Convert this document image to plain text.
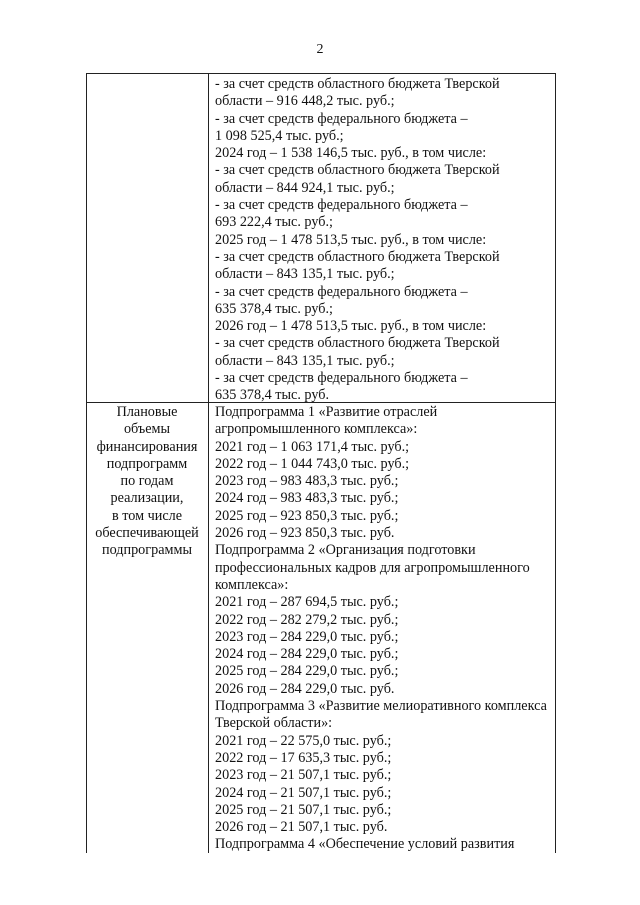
2
- за счет средств областного бюджета Тверской
области – 916 448,2 тыс. руб.;
- за счет средств федерального бюджета –
1 098 525,4 тыс. руб.;
2024 год – 1 538 146,5 тыс. руб., в том числе:
- за счет средств областного бюджета Тверской
области – 844 924,1 тыс. руб.;
- за счет средств федерального бюджета –
693 222,4 тыс. руб.;
2025 год – 1 478 513,5 тыс. руб., в том числе:
- за счет средств областного бюджета Тверской
области – 843 135,1 тыс. руб.;
- за счет средств федерального бюджета –
635 378,4 тыс. руб.;
2026 год – 1 478 513,5 тыс. руб., в том числе:
- за счет средств областного бюджета Тверской
области – 843 135,1 тыс. руб.;
- за счет средств федерального бюджета –
635 378,4 тыс. руб.
Плановые
объемы
финансирования
подпрограмм
по годам
реализации,
в том числе
обеспечивающей
подпрограммы
Подпрограмма 1 «Развитие отраслей
агропромышленного комплекса»:
2021 год – 1 063 171,4 тыс. руб.;
2022 год – 1 044 743,0 тыс. руб.;
2023 год – 983 483,3 тыс. руб.;
2024 год – 983 483,3 тыс. руб.;
2025 год – 923 850,3 тыс. руб.;
2026 год – 923 850,3 тыс. руб.
Подпрограмма 2 «Организация подготовки
профессиональных кадров для агропромышленного
комплекса»:
2021 год – 287 694,5 тыс. руб.;
2022 год – 282 279,2 тыс. руб.;
2023 год – 284 229,0 тыс. руб.;
2024 год – 284 229,0 тыс. руб.;
2025 год – 284 229,0 тыс. руб.;
2026 год – 284 229,0 тыс. руб.
Подпрограмма 3 «Развитие мелиоративного комплекса
Тверской области»:
2021 год – 22 575,0 тыс. руб.;
2022 год – 17 635,3 тыс. руб.;
2023 год – 21 507,1 тыс. руб.;
2024 год – 21 507,1 тыс. руб.;
2025 год – 21 507,1 тыс. руб.;
2026 год – 21 507,1 тыс. руб.
Подпрограмма 4 «Обеспечение условий развития
